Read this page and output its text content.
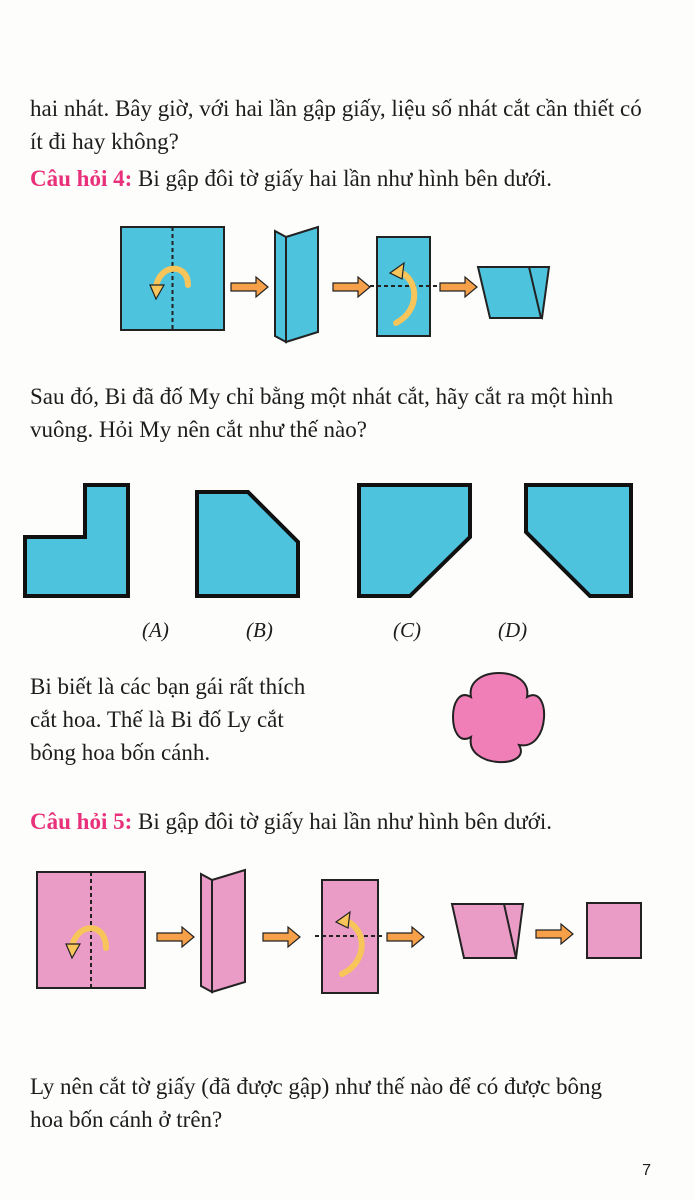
hai nhát. Bây giờ, với hai lần gập giấy, liệu số nhát cắt cần thiết có

ít đi hay không?

Câu hỏi 4: Bi gập đôi tờ giấy hai lần như hình bên dưới.

Sau đó, Bi đã đố My chỉ bằng một nhát cắt, hãy cắt ra một hình

vuông. Hỏi My nên cắt như thế nào?

(A)	(B)	(C)	(D)

Bi biết là các bạn gái rất thích

cắt hoa. Thế là Bi đố Ly cắt

bông hoa bốn cánh.

Câu hỏi 5: Bi gập đôi tờ giấy hai lần như hình bên dưới.

Ly nên cắt tờ giấy (đã được gập) như thế nào để có được bông

hoa bốn cánh ở trên?

7
